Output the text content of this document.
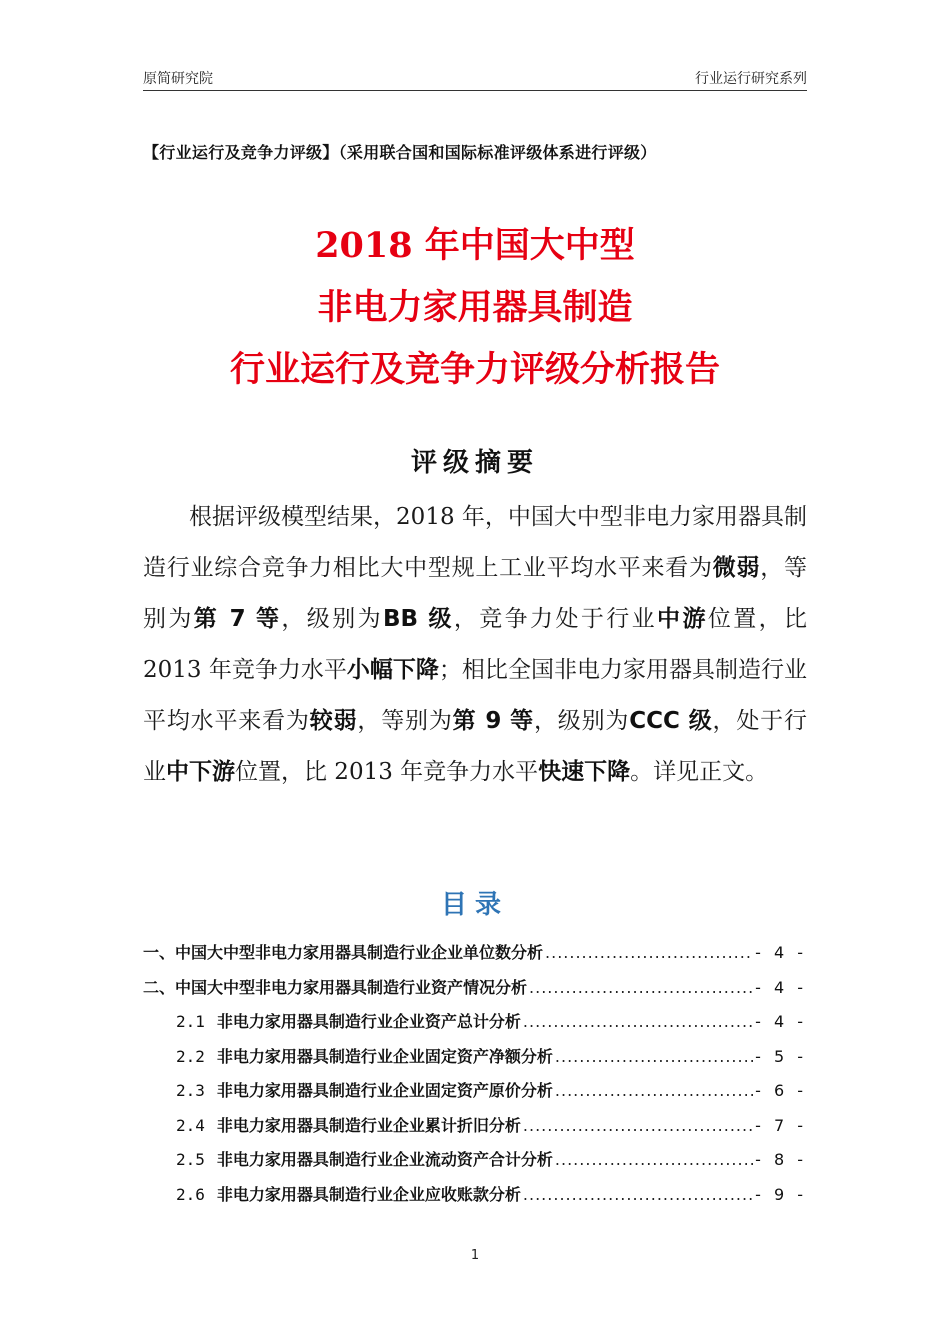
原简研究院	行业运行研究系列
【行业运行及竞争力评级】（采用联合国和国际标准评级体系进行评级）
2018 年中国大中型
非电力家用器具制造
行业运行及竞争力评级分析报告
评级摘要

根据评级模型结果，2018 年，中国大中型非电力家用器具制造行业综合竞争力相比大中型规上工业平均水平来看为微弱，等别为第 7 等，级别为BB 级，竞争力处于行业中游位置，比 2013 年竞争力水平小幅下降；相比全国非电力家用器具制造行业平均水平来看为较弱，等别为第 9 等，级别为CCC 级，处于行业中下游位置，比 2013 年竞争力水平快速下降。详见正文。

目录
一、中国大中型非电力家用器具制造行业企业单位数分析 .....	- 4 -
二、中国大中型非电力家用器具制造行业资产情况分析 .....	- 4 -
2.1 非电力家用器具制造行业企业资产总计分析 .....	- 4 -
2.2 非电力家用器具制造行业企业固定资产净额分析 .....	- 5 -
2.3 非电力家用器具制造行业企业固定资产原价分析 .....	- 6 -
2.4 非电力家用器具制造行业企业累计折旧分析 .....	- 7 -
2.5 非电力家用器具制造行业企业流动资产合计分析 .....	- 8 -
2.6 非电力家用器具制造行业企业应收账款分析 .....	- 9 -
1
